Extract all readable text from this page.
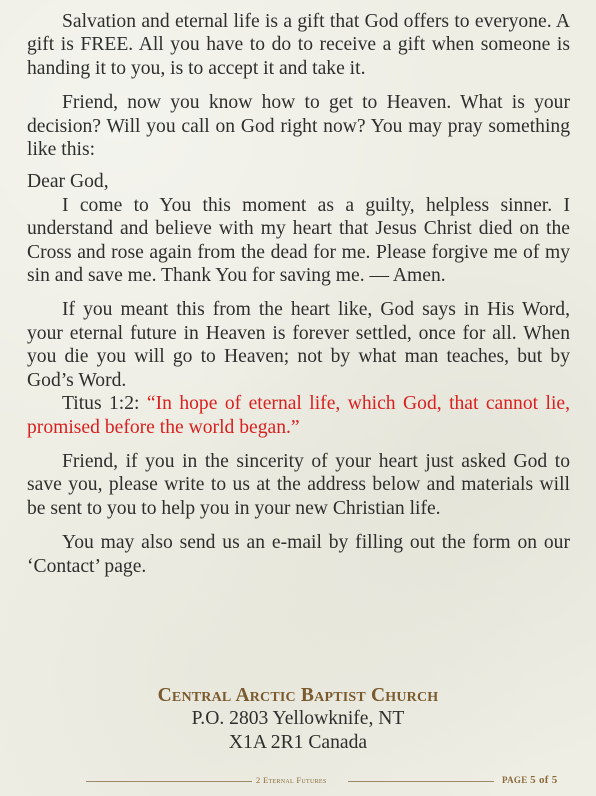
Salvation and eternal life is a gift that God offers to everyone. A gift is FREE. All you have to do to receive a gift when someone is handing it to you, is to accept it and take it.

Friend, now you know how to get to Heaven. What is your decision? Will you call on God right now? You may pray something like this:

Dear God,

I come to You this moment as a guilty, helpless sinner. I understand and believe with my heart that Jesus Christ died on the Cross and rose again from the dead for me. Please forgive me of my sin and save me. Thank You for saving me. –– Amen.

If you meant this from the heart like, God says in His Word, your eternal future in Heaven is forever settled, once for all. When you die you will go to Heaven; not by what man teaches, but by God’s Word.

Titus 1:2: “In hope of eternal life, which God, that cannot lie, promised before the world began.”

Friend, if you in the sincerity of your heart just asked God to save you, please write to us at the address below and materials will be sent to you to help you in your new Christian life.

You may also send us an e-mail by filling out the form on our ‘Contact’ page.

Central Arctic Baptist Church
P.O. 2803 Yellowknife, NT
X1A 2R1 Canada
2 Eternal Futures	PAGE 5 of 5
